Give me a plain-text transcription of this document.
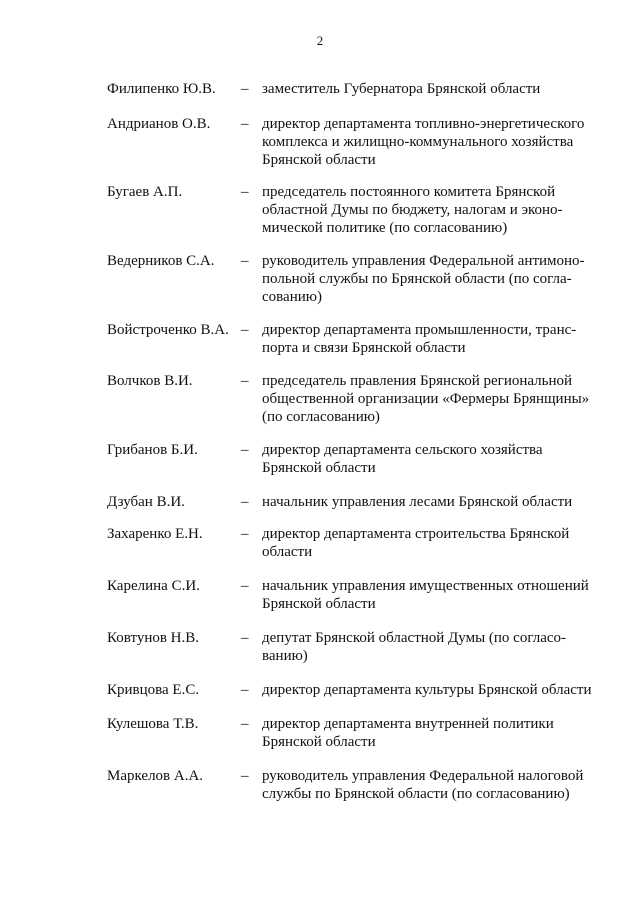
2
Филипенко Ю.В. – заместитель Губернатора Брянской области
Андрианов О.В. – директор департамента топливно-энергетического
комплекса и жилищно-коммунального хозяйства
Брянской области
Бугаев А.П.	– председатель постоянного комитета Брянской
областной Думы по бюджету, налогам и эконо-
мической политике (по согласованию)
Ведерников С.А. – руководитель управления Федеральной антимоно-
польной службы по Брянской области (по согла-
сованию)
Войстроченко В.А. – директор департамента промышленности, транс-
порта и связи Брянской области
Волчков В.И.	– председатель правления Брянской региональной
общественной организации «Фермеры Брянщины»
(по согласованию)
Грибанов Б.И.	– директор департамента сельского хозяйства
Брянской области
Дзубан В.И.	– начальник управления лесами Брянской области
Захаренко Е.Н.	– директор департамента строительства Брянской
области
Карелина С.И.	– начальник управления имущественных отношений
Брянской области
Ковтунов Н.В.	– депутат Брянской областной Думы (по согласо-
ванию)
Кривцова Е.С.	– директор департамента культуры Брянской области
Кулешова Т.В.	– директор департамента внутренней политики
Брянской области
Маркелов А.А.	– руководитель управления Федеральной налоговой
службы по Брянской области (по согласованию)
